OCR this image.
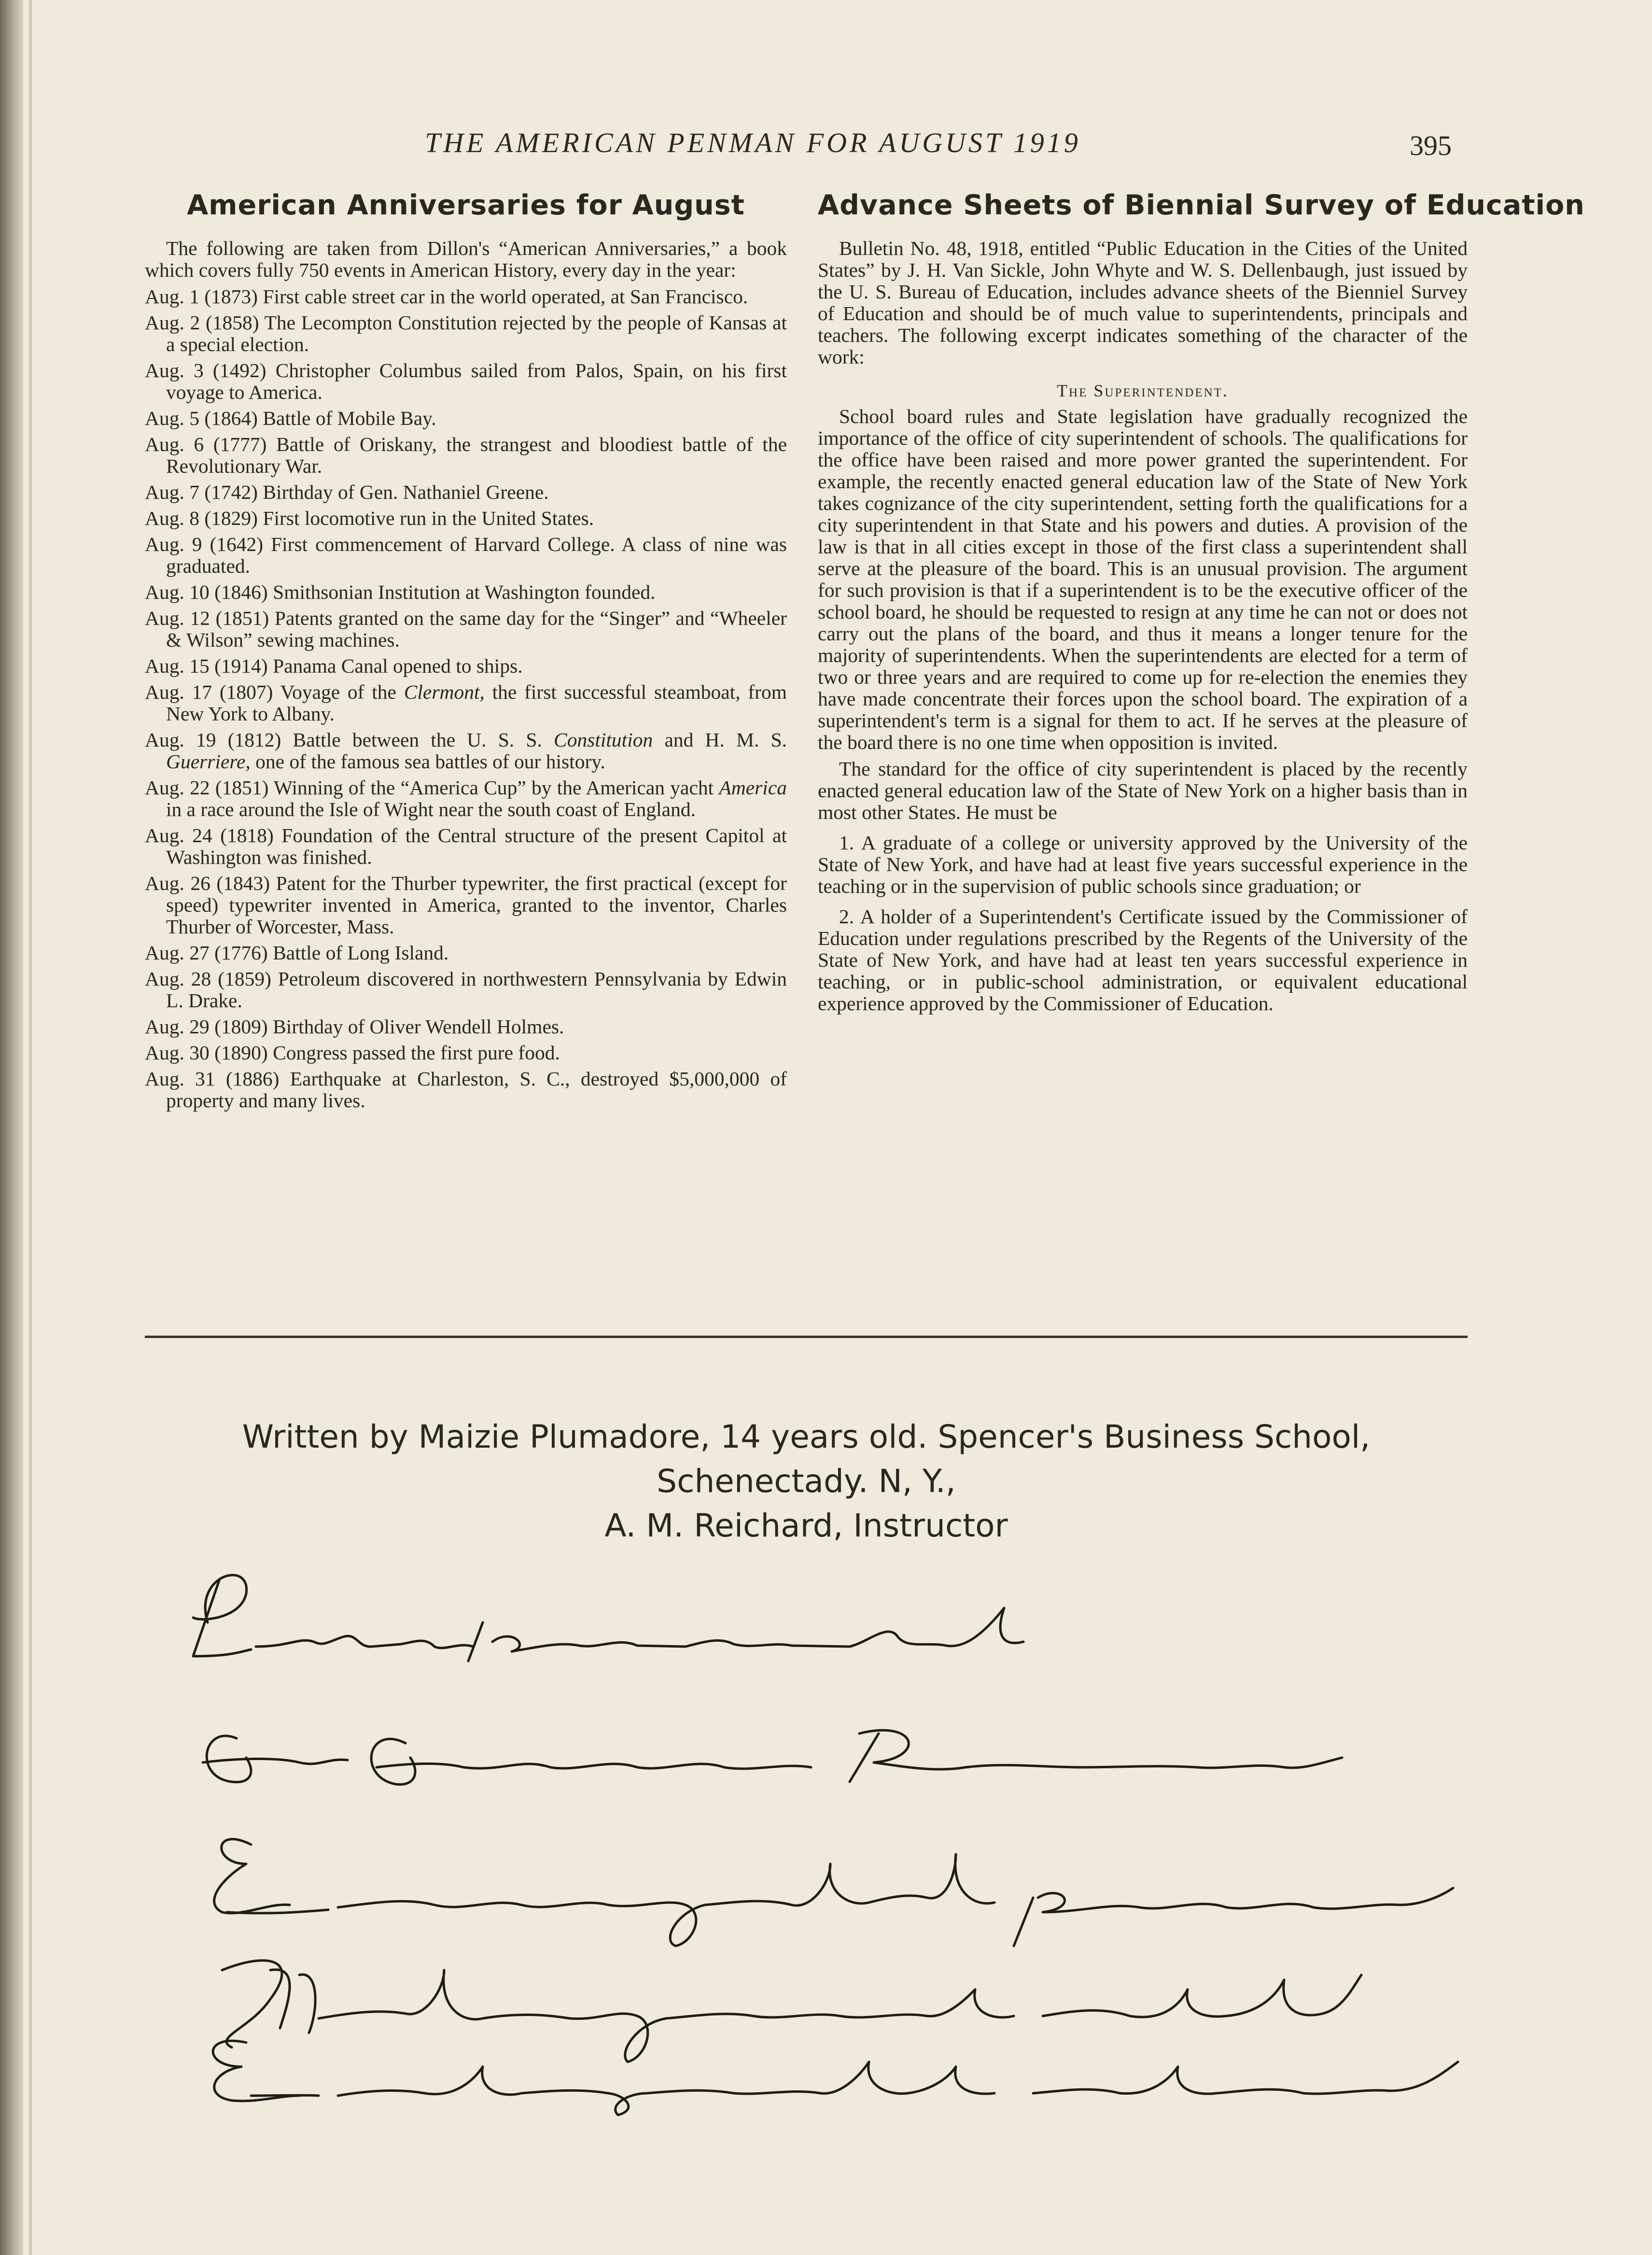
THE AMERICAN PENMAN FOR AUGUST 1919	395
American Anniversaries for August

The following are taken from Dillon's “American Anniversaries,” a book which covers fully 750 events in American History, every day in the year:

Aug. 1 (1873) First cable street car in the world operated, at San Francisco.

Aug. 2 (1858) The Lecompton Constitution rejected by the people of Kansas at a special election.

Aug. 3 (1492) Christopher Columbus sailed from Palos, Spain, on his first voyage to America.

Aug. 5 (1864) Battle of Mobile Bay.

Aug. 6 (1777) Battle of Oriskany, the strangest and bloodiest battle of the Revolutionary War.

Aug. 7 (1742) Birthday of Gen. Nathaniel Greene.

Aug. 8 (1829) First locomotive run in the United States.

Aug. 9 (1642) First commencement of Harvard College. A class of nine was graduated.

Aug. 10 (1846) Smithsonian Institution at Washington founded.

Aug. 12 (1851) Patents granted on the same day for the “Singer” and “Wheeler & Wilson” sewing machines.

Aug. 15 (1914) Panama Canal opened to ships.

Aug. 17 (1807) Voyage of the Clermont, the first successful steamboat, from New York to Albany.

Aug. 19 (1812) Battle between the U. S. S. Constitution and H. M. S. Guerriere, one of the famous sea battles of our history.

Aug. 22 (1851) Winning of the “America Cup” by the American yacht America in a race around the Isle of Wight near the south coast of England.

Aug. 24 (1818) Foundation of the Central structure of the present Capitol at Washington was finished.

Aug. 26 (1843) Patent for the Thurber typewriter, the first practical (except for speed) typewriter invented in America, granted to the inventor, Charles Thurber of Worcester, Mass.

Aug. 27 (1776) Battle of Long Island.

Aug. 28 (1859) Petroleum discovered in northwestern Pennsylvania by Edwin L. Drake.

Aug. 29 (1809) Birthday of Oliver Wendell Holmes.

Aug. 30 (1890) Congress passed the first pure food.

Aug. 31 (1886) Earthquake at Charleston, S. C., destroyed $5,000,000 of property and many lives.

Advance Sheets of Biennial Survey of Education

Bulletin No. 48, 1918, entitled “Public Education in the Cities of the United States” by J. H. Van Sickle, John Whyte and W. S. Dellenbaugh, just issued by the U. S. Bureau of Education, includes advance sheets of the Bienniel Survey of Education and should be of much value to superintendents, principals and teachers. The following excerpt indicates something of the character of the work:

The Superintendent.

School board rules and State legislation have gradually recognized the importance of the office of city superintendent of schools. The qualifications for the office have been raised and more power granted the superintendent. For example, the recently enacted general education law of the State of New York takes cognizance of the city superintendent, setting forth the qualifications for a city superintendent in that State and his powers and duties. A provision of the law is that in all cities except in those of the first class a superintendent shall serve at the pleasure of the board. This is an unusual provision. The argument for such provision is that if a superintendent is to be the executive officer of the school board, he should be requested to resign at any time he can not or does not carry out the plans of the board, and thus it means a longer tenure for the majority of superintendents. When the superintendents are elected for a term of two or three years and are required to come up for re-election the enemies they have made concentrate their forces upon the school board. The expiration of a superintendent's term is a signal for them to act. If he serves at the pleasure of the board there is no one time when opposition is invited.

The standard for the office of city superintendent is placed by the recently enacted general education law of the State of New York on a higher basis than in most other States. He must be

1. A graduate of a college or university approved by the University of the State of New York, and have had at least five years successful experience in the teaching or in the supervision of public schools since graduation; or

2. A holder of a Superintendent's Certificate issued by the Commissioner of Education under regulations prescribed by the Regents of the University of the State of New York, and have had at least ten years successful experience in teaching, or in public-school administration, or equivalent educational experience approved by the Commissioner of Education.

Written by Maizie Plumadore, 14 years old. Spencer's Business School, Schenectady. N, Y.,
A. M. Reichard, Instructor
